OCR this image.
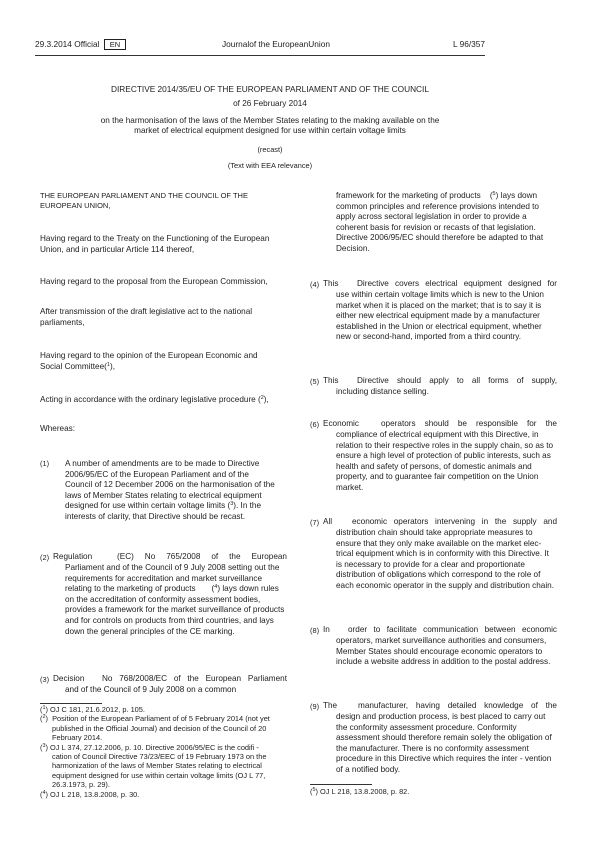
29.3.2014 Official EN	Journalof the EuropeanUnion	L 96/357
DIRECTIVE 2014/35/EU OF THE EUROPEAN PARLIAMENT AND OF THE COUNCIL
of 26 February 2014
on the harmonisation of the laws of the Member States relating to the making available on the
market of electrical equipment designed for use within certain voltage limits
(recast)
(Text with EEA relevance)
THE EUROPEAN PARLIAMENT AND THE COUNCIL OF THE EUROPEAN UNION,
Having regard to the Treaty on the Functioning of the European Union, and in particular Article 114 thereof,
Having regard to the proposal from the European Commission,
After transmission of the draft legislative act to the national parliaments,
Having regard to the opinion of the European Economic and Social Committee($^1$),
Acting in accordance with the ordinary legislative procedure ($^2$),
Whereas:
(1) A number of amendments are to be made to Directive 2006/95/EC of the European Parliament and of the Council of 12 December 2006 on the harmonisation of the laws of Member States relating to electrical equipment designed for use within certain voltage limits ($^3$). In the interests of clarity, that Directive should be recast.
(2) Regulation	(EC) No 765/2008 of the European
Parliament and of the Council of 9 July 2008 setting out the requirements for accreditation and market surveillance relating to the marketing of products       ($^4$) lays down rules on the accreditation of conformity assessment bodies, provides a framework for the market surveillance of products and for controls on products from third countries, and lays down the general principles of the CE marking.
(3) Decision No 768/2008/EC of the European Parliament
and of the Council of 9 July 2008 on a common
($^1$) OJ C 181, 21.6.2012, p. 105.
($^2$)  Position of the European Parliament of of 5 February 2014 (not yet published in the Official Journal) and decision of the Council of 20 February 2014.
($^3$) OJ L 374, 27.12.2006, p. 10. Directive 2006/95/EC is the codifi - cation of Council Directive 73/23/EEC of 19 February 1973 on the harmonization of the laws of Member States relating to electrical equipment designed for use within certain voltage limits (OJ L 77, 26.3.1973, p. 29).
($^4$) OJ L 218, 13.8.2008, p. 30.
framework for the marketing of products    ($^5$) lays down common principles and reference provisions intended to apply across sectoral legislation in order to provide a coherent basis for revision or recasts of that legislation. Directive 2006/95/EC should therefore be adapted to that Decision.
(4) This Directive covers electrical equipment designed for
use within certain voltage limits which is new to the Union market when it is placed on the market; that is to say it is either new electrical equipment made by a manufacturer established in the Union or electrical equipment, whether new or second-hand, imported from a third country.
(5) This Directive should apply to all forms of supply,
including distance selling.
(6) Economic	operators should be responsible for the
compliance of electrical equipment with this Directive, in relation to their respective roles in the supply chain, so as to ensure a high level of protection of public interests, such as health and safety of persons, of domestic animals and property, and to guarantee fair competition on the Union market.
(7) All economic operators intervening in the supply and
distribution chain should take appropriate measures to ensure that they only make available on the market elec- trical equipment which is in conformity with this Directive. It is necessary to provide for a clear and proportionate distribution of obligations which correspond to the role of each economic operator in the supply and distribution chain.
(8) In order to facilitate communication between economic
operators, market surveillance authorities and consumers, Member States should encourage economic operators to include a website address in addition to the postal address.
(9) The	manufacturer, having detailed knowledge of the
design and production process, is best placed to carry out the conformity assessment procedure. Conformity assessment should therefore remain solely the obligation of the manufacturer. There is no conformity assessment procedure in this Directive which requires the inter - vention of a notified body.
($^5$) OJ L 218, 13.8.2008, p. 82.
